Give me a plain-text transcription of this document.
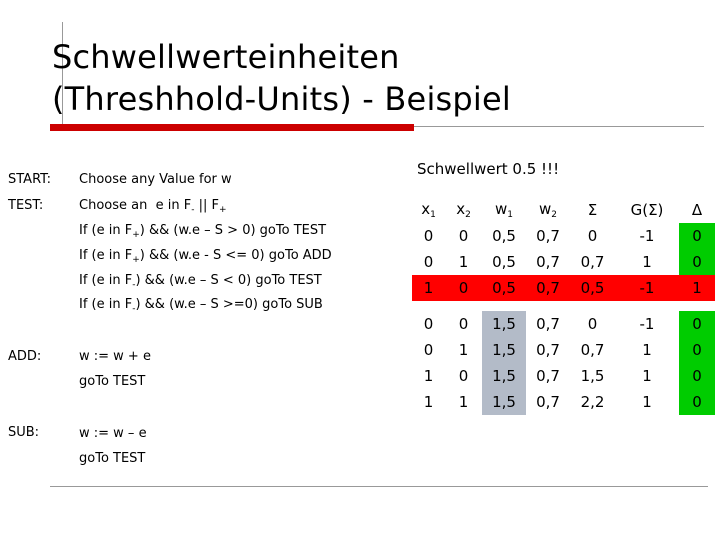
Schwellwerteinheiten
(Threshhold-Units) - Beispiel
START: Choose any Value for w
TEST:	Choose an  e in $F_-$ || $F_+$
If (e in $F_+$) && (w.e – S > 0) goTo TEST
If (e in $F_+$) && (w.e - S <= 0) goTo ADD
If (e in $F_-$) && (w.e – S < 0) goTo TEST
If (e in $F_-$) && (w.e – S >=0) goTo SUB
ADD:	w := w + e
goTo TEST
SUB:	w := w – e
goTo TEST
Schwellwert 0.5 !!!
$x_1$	$x_2$	$w_1$	$w_2$	Σ	G(Σ)	Δ
0	0	0,5	0,7	0	-1	0
0	1	0,5	0,7	0,7	1	0
1	0	0,5	0,7	0,5	-1	1

0	0	1,5	0,7	0	-1	0
0	1	1,5	0,7	0,7	1	0
1	0	1,5	0,7	1,5	1	0
1	1	1,5	0,7	2,2	1	0
